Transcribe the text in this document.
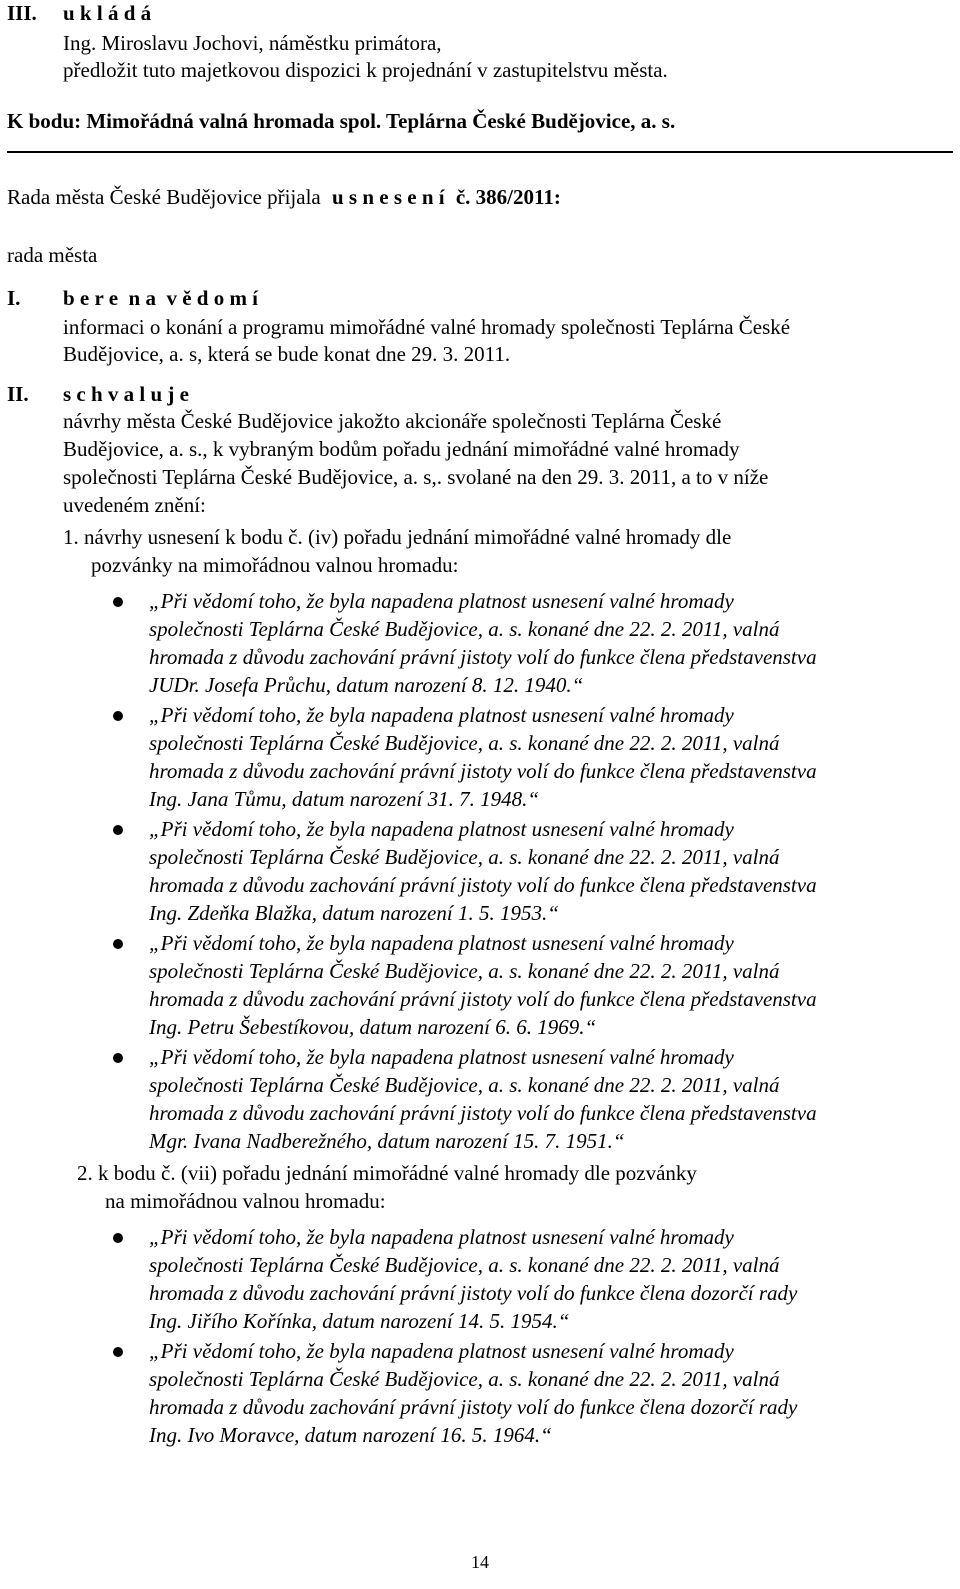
III. u k l á d á
Ing. Miroslavu Jochovi, náměstku primátora,
předložit tuto majetkovou dispozici k projednání v zastupitelstvu města.
K bodu: Mimořádná valná hromada spol. Teplárna České Budějovice, a. s.
Rada města České Budějovice přijala u s n e s e n í č. 386/2011:
rada města
I. b e r e  n a  v ě d o m í
informaci o konání a programu mimořádné valné hromady společnosti Teplárna České
Budějovice, a. s, která se bude konat dne 29. 3. 2011.
II. s c h v a l u j e
návrhy města České Budějovice jakožto akcionáře společnosti Teplárna České
Budějovice, a. s., k vybraným bodům pořadu jednání mimořádné valné hromady
společnosti Teplárna České Budějovice, a. s,. svolané na den 29. 3. 2011, a to v níže
uvedeném znění:
1. návrhy usnesení k bodu č. (iv) pořadu jednání mimořádné valné hromady dle
pozvánky na mimořádnou valnou hromadu:
„Při vědomí toho, že byla napadena platnost usnesení valné hromady
společnosti Teplárna České Budějovice, a. s. konané dne 22. 2. 2011, valná
hromada z důvodu zachování právní jistoty volí do funkce člena představenstva
JUDr. Josefa Průchu, datum narození 8. 12. 1940.“
„Při vědomí toho, že byla napadena platnost usnesení valné hromady
společnosti Teplárna České Budějovice, a. s. konané dne 22. 2. 2011, valná
hromada z důvodu zachování právní jistoty volí do funkce člena představenstva
Ing. Jana Tůmu, datum narození 31. 7. 1948.“
„Při vědomí toho, že byla napadena platnost usnesení valné hromady
společnosti Teplárna České Budějovice, a. s. konané dne 22. 2. 2011, valná
hromada z důvodu zachování právní jistoty volí do funkce člena představenstva
Ing. Zdeňka Blažka, datum narození 1. 5. 1953.“
„Při vědomí toho, že byla napadena platnost usnesení valné hromady
společnosti Teplárna České Budějovice, a. s. konané dne 22. 2. 2011, valná
hromada z důvodu zachování právní jistoty volí do funkce člena představenstva
Ing. Petru Šebestíkovou, datum narození 6. 6. 1969.“
„Při vědomí toho, že byla napadena platnost usnesení valné hromady
společnosti Teplárna České Budějovice, a. s. konané dne 22. 2. 2011, valná
hromada z důvodu zachování právní jistoty volí do funkce člena představenstva
Mgr. Ivana Nadberežného, datum narození 15. 7. 1951.“
2. k bodu č. (vii) pořadu jednání mimořádné valné hromady dle pozvánky
na mimořádnou valnou hromadu:
„Při vědomí toho, že byla napadena platnost usnesení valné hromady
společnosti Teplárna České Budějovice, a. s. konané dne 22. 2. 2011, valná
hromada z důvodu zachování právní jistoty volí do funkce člena dozorčí rady
Ing. Jiřího Kořínka, datum narození 14. 5. 1954.“
„Při vědomí toho, že byla napadena platnost usnesení valné hromady
společnosti Teplárna České Budějovice, a. s. konané dne 22. 2. 2011, valná
hromada z důvodu zachování právní jistoty volí do funkce člena dozorčí rady
Ing. Ivo Moravce, datum narození 16. 5. 1964.“
14
